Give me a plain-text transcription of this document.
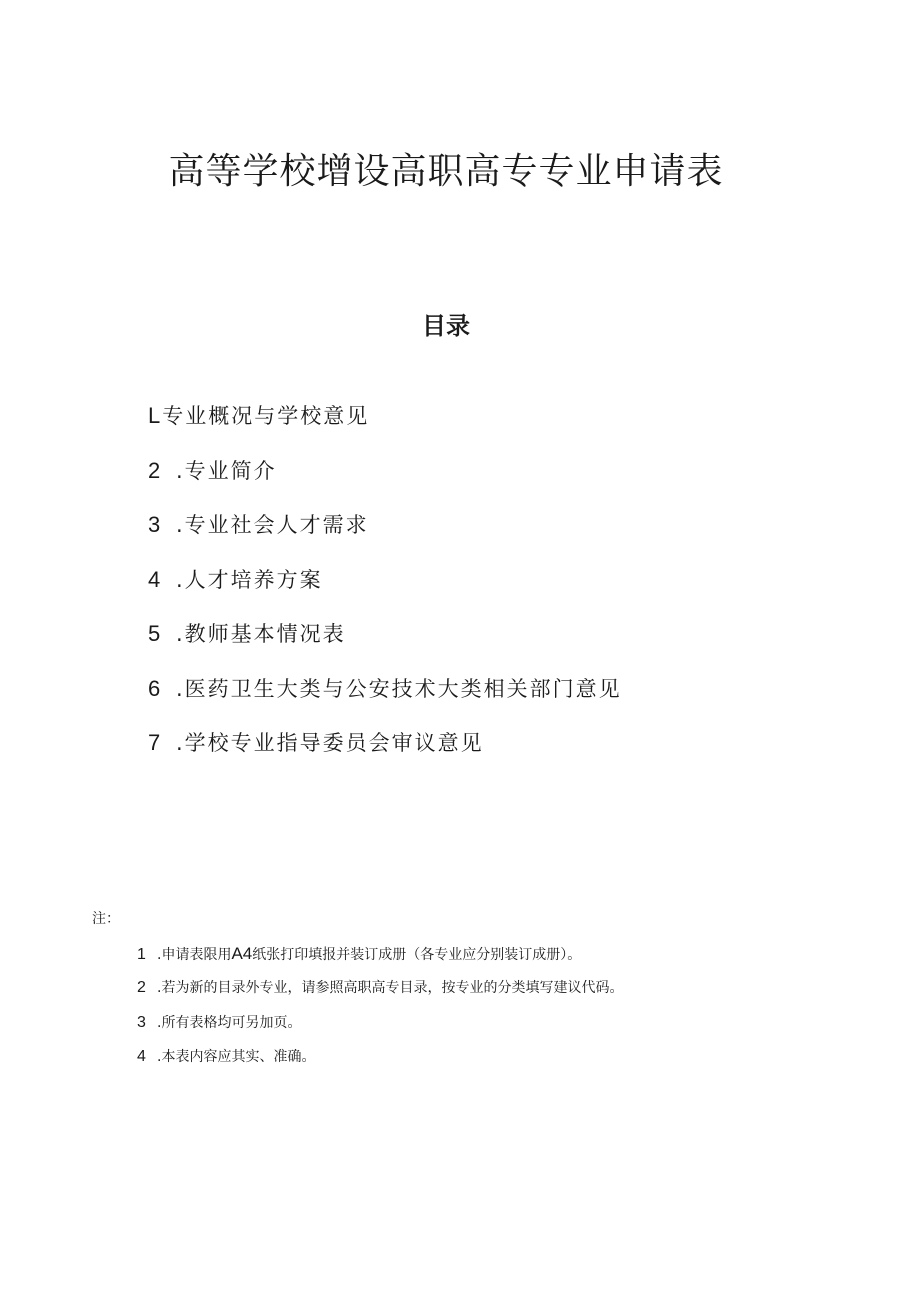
高等学校增设高职高专专业申请表
目录
L专业概况与学校意见
2 .专业简介
3 .专业社会人才需求
4 .人才培养方案
5 .教师基本情况表
6 .医药卫生大类与公安技术大类相关部门意见
7 .学校专业指导委员会审议意见
注：
1 .申请表限用A4纸张打印填报并装订成册（各专业应分别装订成册）。
2 .若为新的目录外专业，请参照高职高专目录，按专业的分类填写建议代码。
3 .所有表格均可另加页。
4 .本表内容应其实、准确。
